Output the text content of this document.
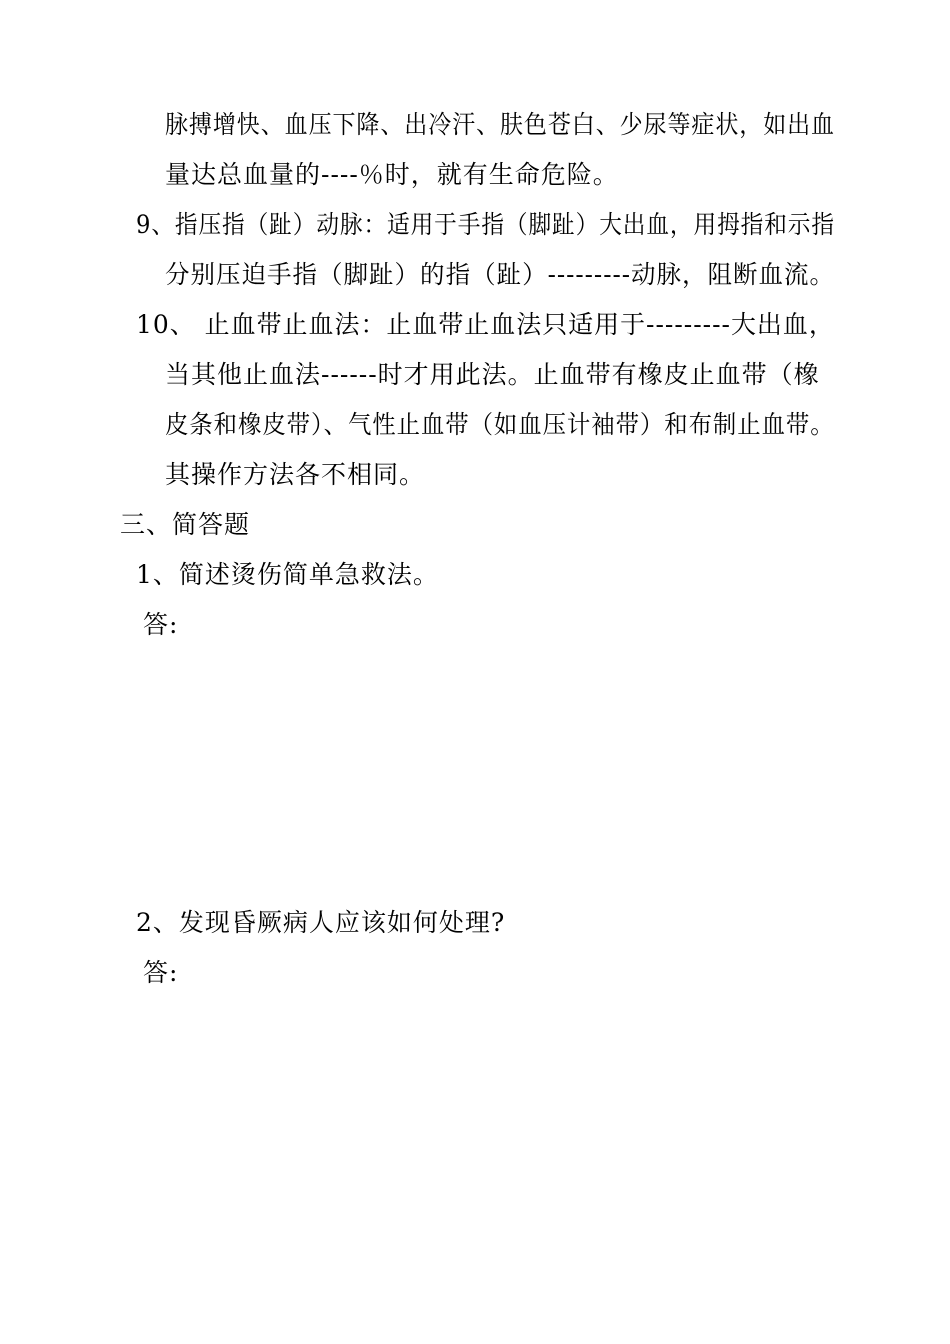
脉搏增快、血压下降、出冷汗、肤色苍白、少尿等症状，如出血
量达总血量的----％时，就有生命危险。
9、指压指（趾）动脉：适用于手指（脚趾）大出血，用拇指和示指
分别压迫手指（脚趾）的指（趾）---------动脉，阻断血流。
10、 止血带止血法：止血带止血法只适用于---------大出血，
当其他止血法------时才用此法。止血带有橡皮止血带（橡
皮条和橡皮带）、气性止血带（如血压计袖带）和布制止血带。
其操作方法各不相同。
三、简答题
1、简述烫伤简单急救法。
答:
2、发现昏厥病人应该如何处理?
答:
